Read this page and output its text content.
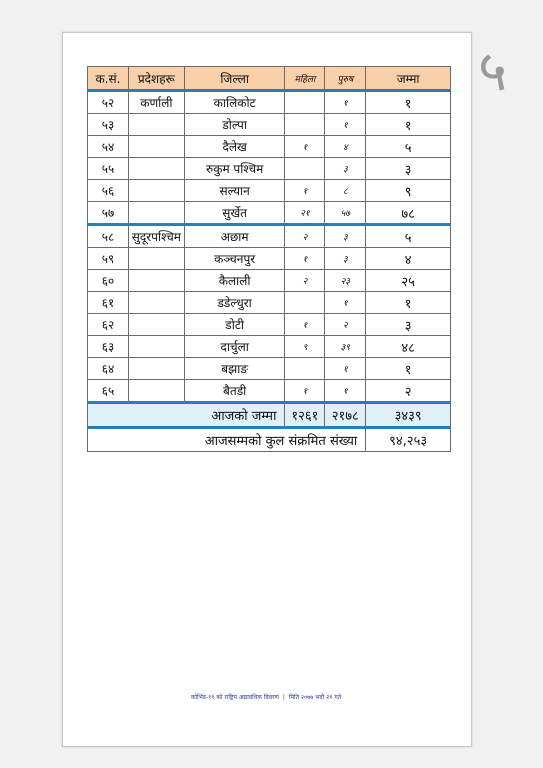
५
क.सं.	प्रदेशहरू	जिल्ला	महिला	पुरुष	जम्मा
५२	कर्णाली	कालिकोट		१	१
५३		डोल्पा		१	१
५४		दैलेख	१	४	५
५५		रुकुम पश्चिम		३	३
५६		सल्यान	१	८	९
५७		सुर्खेत	२१	५७	७८
५८	सुदूरपश्चिम	अछाम	२	३	५
५९		कञ्चनपुर	१	३	४
६०		कैलाली	२	२३	२५
६१		डडेल्धुरा		१	१
६२		डोटी	१	२	३
६३		दार्चुला	९	३९	४८
६४		बझाङ		१	१
६५		बैतडी	१	१	२
आजको जम्मा			१२६१	२१७८	३४३९
आजसम्मको कुल संक्रमित संख्या					९४,२५३
कोभिड-१९ को राष्ट्रिय अद्यावधिक विवरण | मिति २०७७ भदौ २१ गते
